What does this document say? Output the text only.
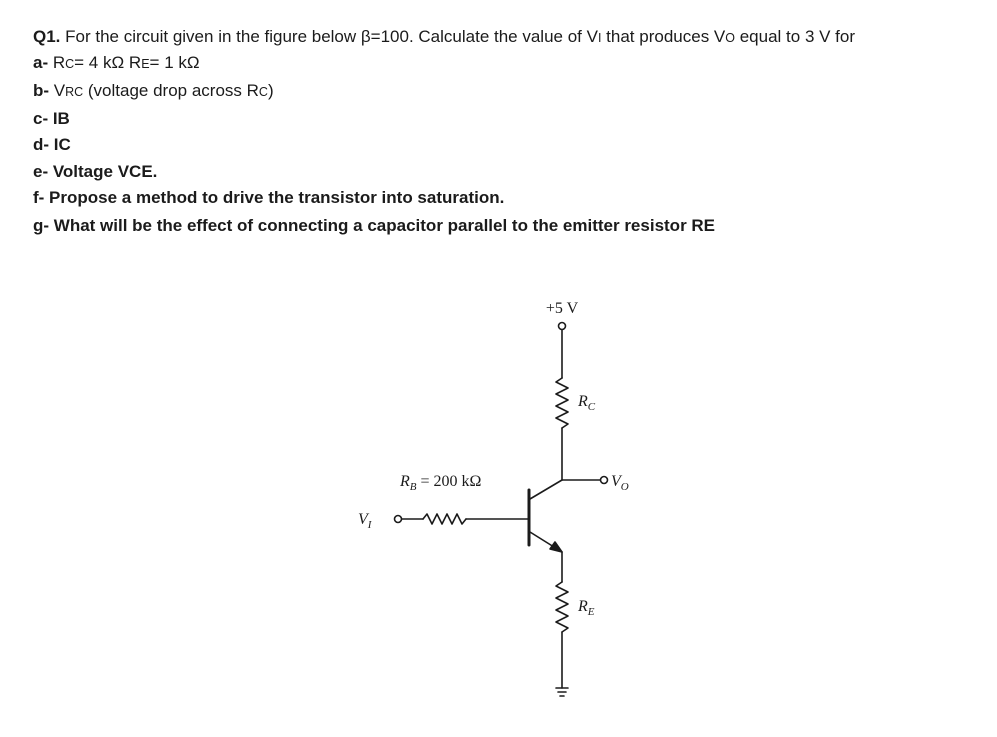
Q1. For the circuit given in the figure below β=100. Calculate the value of VI that produces VO equal to 3 V for
a- RC= 4 kΩ RE= 1 kΩ
b- VRC (voltage drop across RC)
c- IB
d- IC
e- Voltage VCE.
f- Propose a method to drive the transistor into saturation.
g- What will be the effect of connecting a capacitor parallel to the emitter resistor RE
+5 V
$R_C$
$R_E$
$R_B = 200$ kΩ
$V_I$
$V_O$
